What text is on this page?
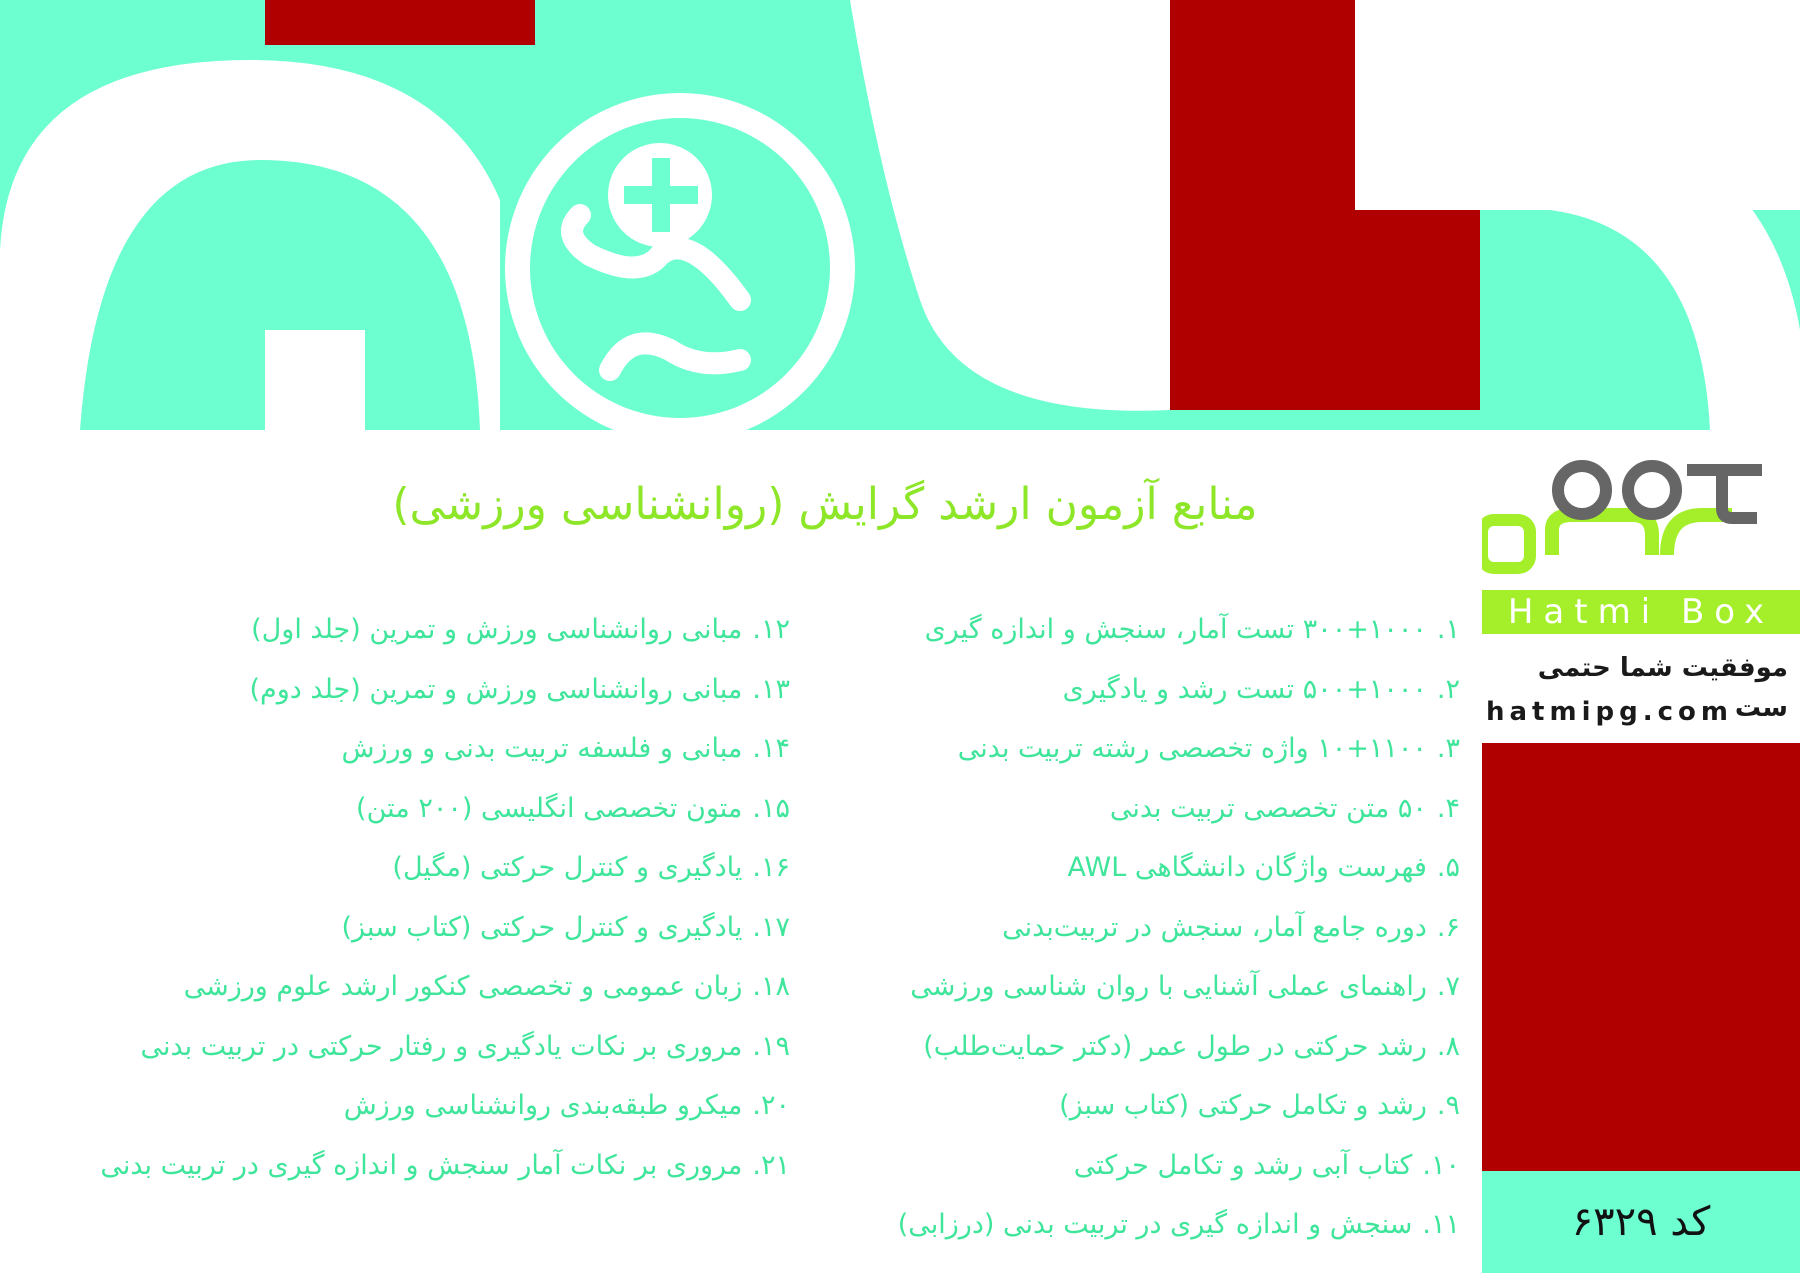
منابع آزمون ارشد گرایش (روانشناسی ورزشی)
۱.۳۰۰+۱۰۰۰ تست آمار، سنجش و اندازه گیری
۲.۵۰۰+۱۰۰۰ تست رشد و یادگیری
۳.۱۰+۱۱۰۰ واژه تخصصی رشته تربیت بدنی
۴.۵۰ متن تخصصی تربیت بدنی
۵.فهرست واژگان دانشگاهی AWL
۶.دوره جامع آمار، سنجش در تربیت‌بدنی
۷.راهنمای عملی آشنایی با روان شناسی ورزشی
۸.رشد حرکتی در طول عمر (دکتر حمایت‌طلب)
۹.رشد و تکامل حرکتی (کتاب سبز)
۱۰.کتاب آبی رشد و تکامل حرکتی
۱۱.سنجش و اندازه گیری در تربیت بدنی (درزابی)
۱۲.مبانی روانشناسی ورزش و تمرین (جلد اول)
۱۳.مبانی روانشناسی ورزش و تمرین (جلد دوم)
۱۴.مبانی و فلسفه تربیت بدنی و ورزش
۱۵.متون تخصصی انگلیسی (۲۰۰ متن)
۱۶.یادگیری و کنترل حرکتی (مگیل)
۱۷.یادگیری و کنترل حرکتی (کتاب سبز)
۱۸.زبان عمومی و تخصصی کنکور ارشد علوم ورزشی
۱۹.مروری بر نکات یادگیری و رفتار حرکتی در تربیت بدنی
۲۰.میکرو طبقه‌بندی روانشناسی ورزش
۲۱.مروری بر نکات آمار سنجش و اندازه گیری در تربیت بدنی
Hatmi Box
موفقیت شما حتمی ست
hatmipg.com
کد ۶۳۲۹
